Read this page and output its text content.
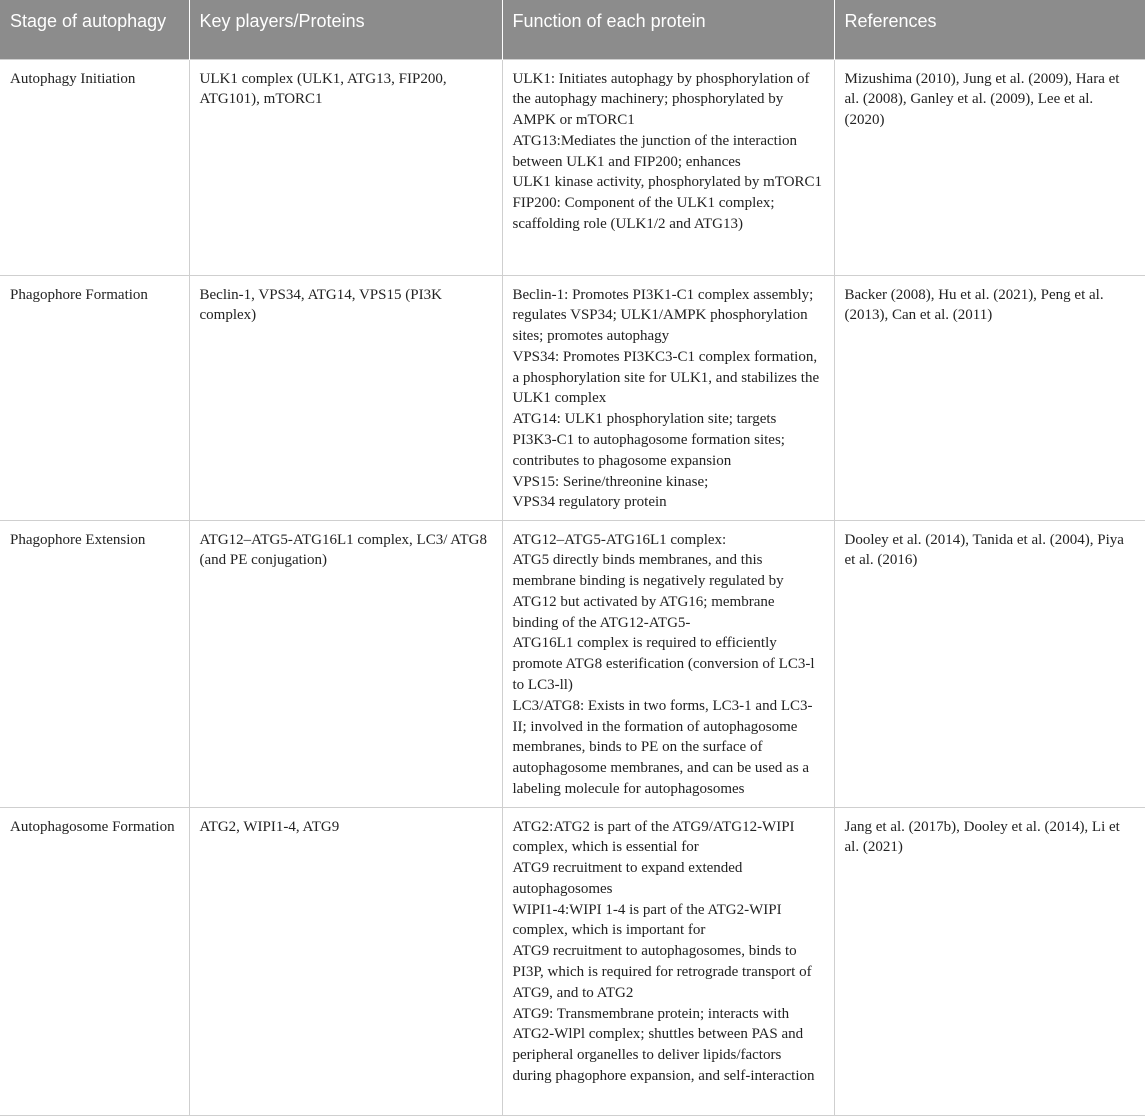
Stage of autophagy	Key players/Proteins	Function of each protein	References
Autophagy Initiation	ULK1 complex (ULK1, ATG13, FIP200, ATG101), mTORC1	ULK1: Initiates autophagy by phosphorylation of the autophagy machinery; phosphorylated by AMPK or mTORC1
ATG13:Mediates the junction of the interaction between ULK1 and FIP200; enhances
ULK1 kinase activity, phosphorylated by mTORC1
FIP200: Component of the ULK1 complex; scaffolding role (ULK1/2 and ATG13)	Mizushima (2010), Jung et al. (2009), Hara et al. (2008), Ganley et al. (2009), Lee et al. (2020)
Phagophore Formation	Beclin-1, VPS34, ATG14, VPS15 (PI3K complex)	Beclin-1: Promotes PI3K1-C1 complex assembly; regulates VSP34; ULK1/AMPK phosphorylation sites; promotes autophagy
VPS34: Promotes PI3KC3-C1 complex formation, a phosphorylation site for ULK1, and stabilizes the ULK1 complex
ATG14: ULK1 phosphorylation site; targets PI3K3-C1 to autophagosome formation sites; contributes to phagosome expansion
VPS15: Serine/threonine kinase;
VPS34 regulatory protein	Backer (2008), Hu et al. (2021), Peng et al. (2013), Can et al. (2011)
Phagophore Extension	ATG12–ATG5-ATG16L1 complex, LC3/ ATG8 (and PE conjugation)	ATG12–ATG5-ATG16L1 complex:
ATG5 directly binds membranes, and this membrane binding is negatively regulated by ATG12 but activated by ATG16; membrane binding of the ATG12-ATG5-
ATG16L1 complex is required to efficiently promote ATG8 esterification (conversion of LC3-l to LC3-ll)
LC3/ATG8: Exists in two forms, LC3-1 and LC3-II; involved in the formation of autophagosome membranes, binds to PE on the surface of autophagosome membranes, and can be used as a labeling molecule for autophagosomes	Dooley et al. (2014), Tanida et al. (2004), Piya et al. (2016)
Autophagosome Formation	ATG2, WIPI1-4, ATG9	ATG2:ATG2 is part of the ATG9/ATG12-WIPI complex, which is essential for
ATG9 recruitment to expand extended autophagosomes
WIPI1-4:WIPI 1-4 is part of the ATG2-WIPI complex, which is important for
ATG9 recruitment to autophagosomes, binds to PI3P, which is required for retrograde transport of ATG9, and to ATG2
ATG9: Transmembrane protein; interacts with ATG2-WlPl complex; shuttles between PAS and peripheral organelles to deliver lipids/factors during phagophore expansion, and self-interaction	Jang et al. (2017b), Dooley et al. (2014), Li et al. (2021)
